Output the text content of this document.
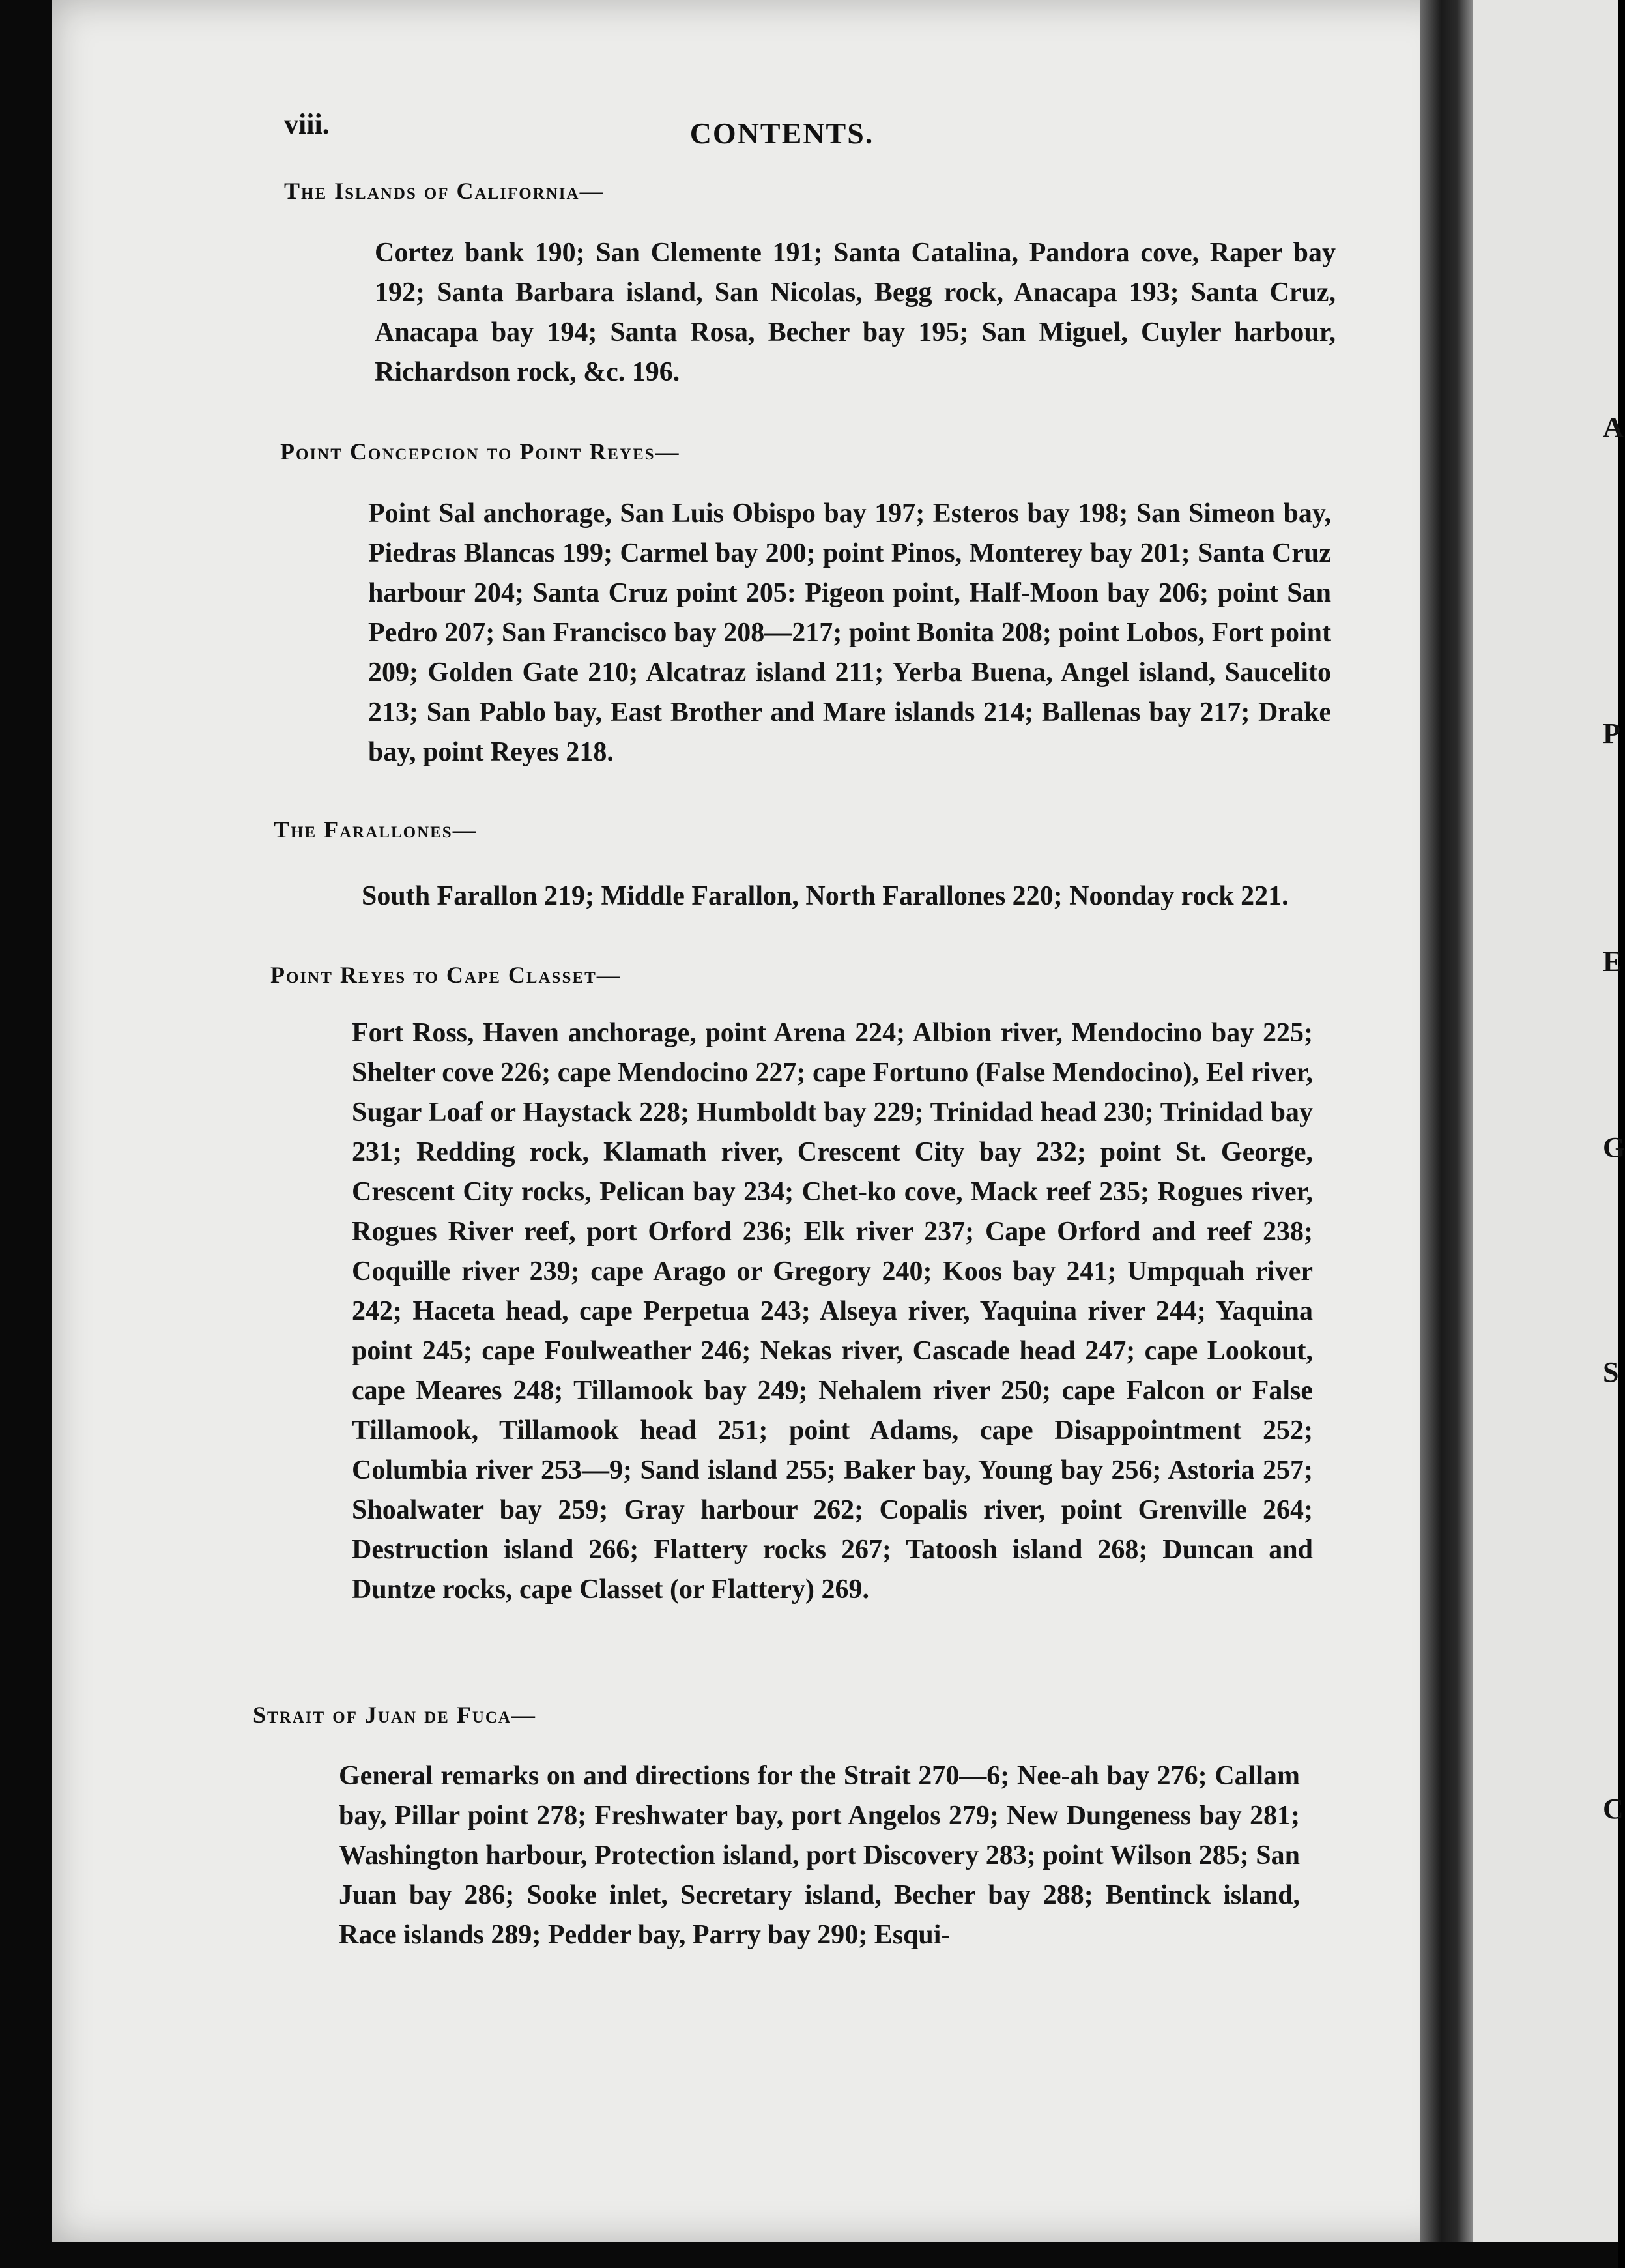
A
P
E
G
S
C
viii.	CONTENTS.
The Islands of California—
Cortez bank 190; San Clemente 191; Santa Catalina, Pandora cove, Raper bay 192; Santa Barbara island, San Nicolas, Begg rock, Anacapa 193; Santa Cruz, Anacapa bay 194; Santa Rosa, Becher bay 195; San Miguel, Cuyler harbour, Richardson rock, &c. 196.
Point Concepcion to Point Reyes—
Point Sal anchorage, San Luis Obispo bay 197; Esteros bay 198; San Simeon bay, Piedras Blancas 199; Carmel bay 200; point Pinos, Monterey bay 201; Santa Cruz harbour 204; Santa Cruz point 205: Pigeon point, Half-Moon bay 206; point San Pedro 207; San Francisco bay 208—217; point Bonita 208; point Lobos, Fort point 209; Golden Gate 210; Alcatraz island 211; Yerba Buena, Angel island, Saucelito 213; San Pablo bay, East Brother and Mare islands 214; Ballenas bay 217; Drake bay, point Reyes 218.
The Farallones—
South Farallon 219; Middle Farallon, North Farallones 220; Noonday rock 221.
Point Reyes to Cape Classet—
Fort Ross, Haven anchorage, point Arena 224; Albion river, Mendocino bay 225; Shelter cove 226; cape Mendocino 227; cape Fortuno (False Mendocino), Eel river, Sugar Loaf or Haystack 228; Humboldt bay 229; Trinidad head 230; Trinidad bay 231; Redding rock, Klamath river, Crescent City bay 232; point St. George, Crescent City rocks, Pelican bay 234; Chet-ko cove, Mack reef 235; Rogues river, Rogues River reef, port Orford 236; Elk river 237; Cape Orford and reef 238; Coquille river 239; cape Arago or Gregory 240; Koos bay 241; Umpquah river 242; Haceta head, cape Perpetua 243; Alseya river, Yaquina river 244; Yaquina point 245; cape Foulweather 246; Nekas river, Cascade head 247; cape Lookout, cape Meares 248; Tillamook bay 249; Nehalem river 250; cape Falcon or False Tillamook, Tillamook head 251; point Adams, cape Disappointment 252; Columbia river 253—9; Sand island 255; Baker bay, Young bay 256; Astoria 257; Shoalwater bay 259; Gray harbour 262; Copalis river, point Grenville 264; Destruction island 266; Flattery rocks 267; Tatoosh island 268; Duncan and Duntze rocks, cape Classet (or Flattery) 269.
Strait of Juan de Fuca—
General remarks on and directions for the Strait 270—6; Nee-ah bay 276; Callam bay, Pillar point 278; Freshwater bay, port Angelos 279; New Dungeness bay 281; Washington harbour, Protection island, port Discovery 283; point Wilson 285; San Juan bay 286; Sooke inlet, Secretary island, Becher bay 288; Bentinck island, Race islands 289; Pedder bay, Parry bay 290; Esqui-
